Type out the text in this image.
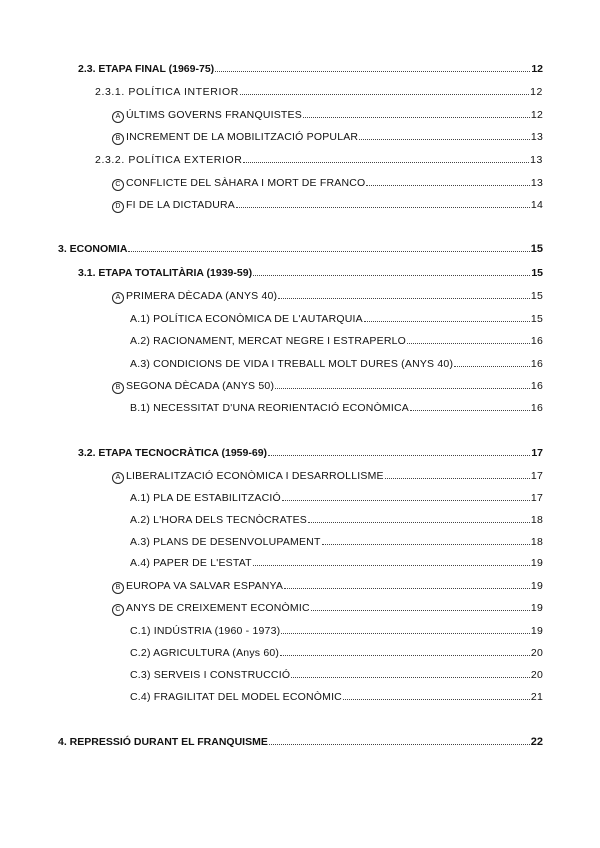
2.3. ETAPA FINAL (1969-75)	12
2.3.1. POLÍTICA INTERIOR	12
A ÚLTIMS GOVERNS FRANQUISTES	12
B INCREMENT DE LA MOBILITZACIÓ POPULAR	13
2.3.2. POLÍTICA EXTERIOR	13
C CONFLICTE DEL SÀHARA I MORT DE FRANCO	13
D FI DE LA DICTADURA	14
3. ECONOMIA	15
3.1. ETAPA TOTALITÀRIA (1939-59)	15
A PRIMERA DÈCADA (ANYS 40)	15
A.1) POLÍTICA ECONÒMICA DE L'AUTARQUIA	15
A.2) RACIONAMENT, MERCAT NEGRE I ESTRAPERLO	16
A.3) CONDICIONS DE VIDA I TREBALL MOLT DURES (ANYS 40)	16
B SEGONA DÈCADA (ANYS 50)	16
B.1) NECESSITAT D'UNA REORIENTACIÓ ECONÒMICA	16
3.2. ETAPA TECNOCRÀTICA (1959-69)	17
A LIBERALITZACIÓ ECONÒMICA I DESARROLLISME	17
A.1) PLA DE ESTABILITZACIÓ	17
A.2) L'HORA DELS TECNÒCRATES	18
A.3) PLANS DE DESENVOLUPAMENT	18
A.4) PAPER DE L'ESTAT	19
B EUROPA VA SALVAR ESPANYA	19
C ANYS DE CREIXEMENT ECONÒMIC	19
C.1) INDÚSTRIA (1960 - 1973)	19
C.2) AGRICULTURA (Anys 60)	20
C.3) SERVEIS I CONSTRUCCIÓ	20
C.4) FRAGILITAT DEL MODEL ECONÒMIC	21
4. REPRESSIÓ DURANT EL FRANQUISME	22
